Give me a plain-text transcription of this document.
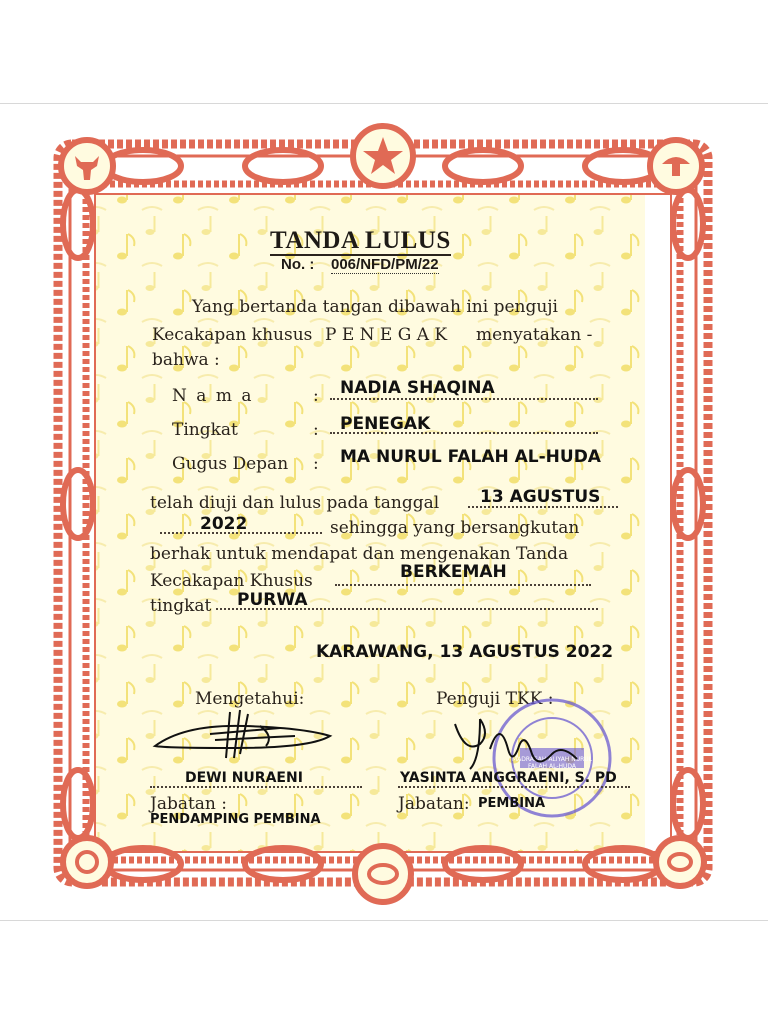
TANDA LULUS
No. : 006/NFD/PM/22
Yang bertanda tangan dibawah ini penguji
Kecakapan khusus P E N E G A K menyatakan -
bahwa :
N a m a	: NADIA SHAQINA
Tingkat	: PENEGAK
Gugus Depan : MA NURUL FALAH AL-HUDA
telah diuji dan lulus pada tanggal 13 AGUSTUS
2022	sehingga yang bersangkutan
berhak untuk mendapat dan mengenakan Tanda
Kecakapan Khusus	BERKEMAH
tingkat PURWA
KARAWANG, 13 AGUSTUS 2022
Mengetahui:
DEWI NURAENI
Jabatan :
PENDAMPING PEMBINA
Penguji TKK :
MADRASAH ALIYAH NURUL FALAH AL-HUDA
YASINTA ANGGRAENI, S. PD
Jabatan: PEMBINA
